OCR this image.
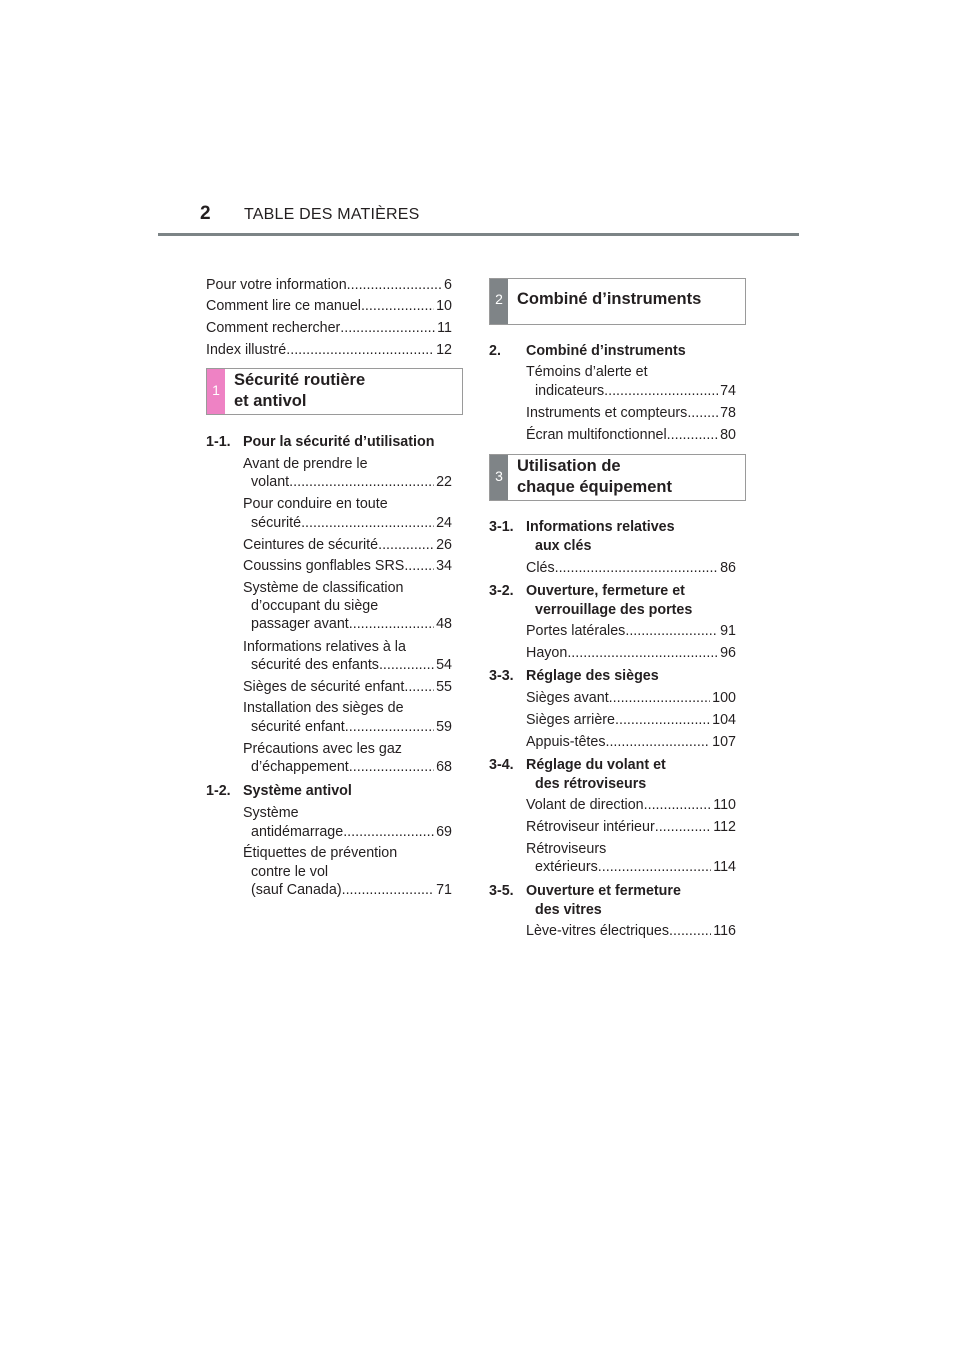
2 TABLE DES MATIÈRES
Pour votre information .....	6
Comment lire ce manuel .....	10
Comment rechercher .....	11
Index illustré .....	12
1
Sécurité routière
et antivol
1-1. Pour la sécurité d’utilisation
Avant de prendre le
volant .....	22
Pour conduire en toute
sécurité .....	24
Ceintures de sécurité .....	26
Coussins gonflables SRS ..... 34
Système de classification
d’occupant du siège
passager avant .....	48
Informations relatives à la
sécurité des enfants .....	54
Sièges de sécurité enfant ..... 55
Installation des sièges de
sécurité enfant .....	59
Précautions avec les gaz
d’échappement .....	68
1-2. Système antivol
Système
antidémarrage .....	69
Étiquettes de prévention
contre le vol
(sauf Canada) .....	71
2 Combiné d’instruments
2. Combiné d’instruments
Témoins d’alerte et
indicateurs .....	74
Instruments et compteurs ..... 78
Écran multifonctionnel .....	80
3
Utilisation de
chaque équipement
3-1. Informations relatives
aux clés
Clés .....	86
3-2. Ouverture, fermeture et
verrouillage des portes
Portes latérales .....	91
Hayon .....	96
3-3. Réglage des sièges
Sièges avant .....	100
Sièges arrière .....	104
Appuis-têtes .....	107
3-4. Réglage du volant et
des rétroviseurs
Volant de direction .....	110
Rétroviseur intérieur .....	112
Rétroviseurs
extérieurs .....	114
3-5. Ouverture et fermeture
des vitres
Lève-vitres électriques .....	116
